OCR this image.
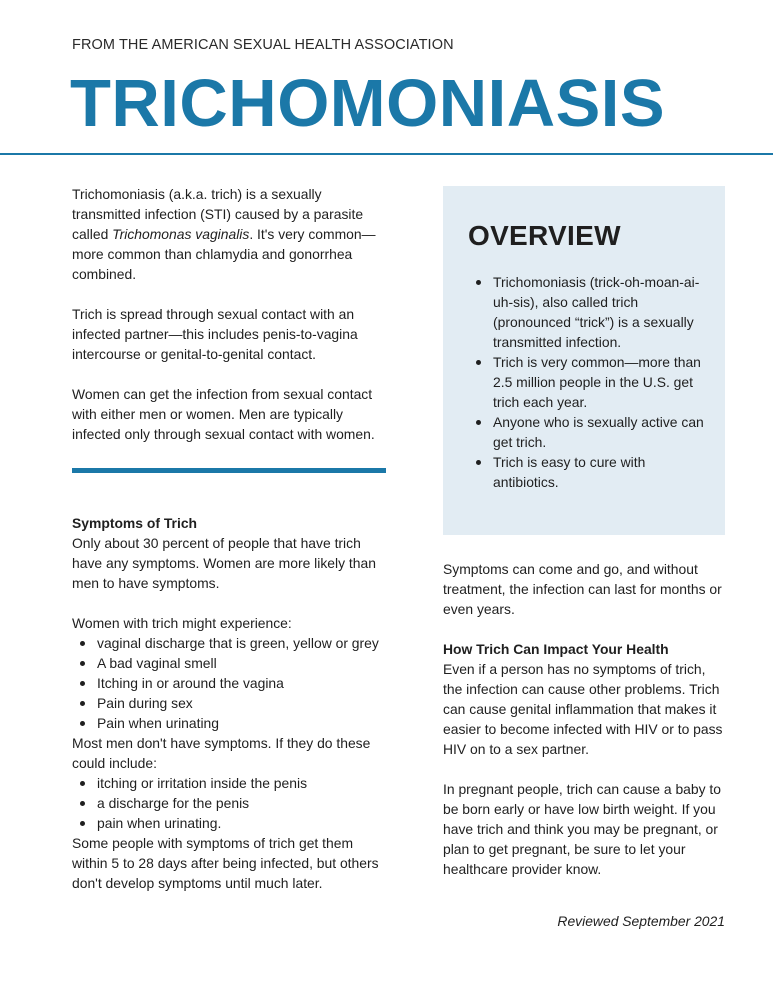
FROM THE AMERICAN SEXUAL HEALTH ASSOCIATION
TRICHOMONIASIS

Trichomoniasis (a.k.a. trich) is a sexually transmitted infection (STI) caused by a parasite called Trichomonas vaginalis. It's very common—more common than chlamydia and gonorrhea combined.

Trich is spread through sexual contact with an infected partner—this includes penis-to-vagina intercourse or genital-to-genital contact.

Women can get the infection from sexual contact with either men or women. Men are typically infected only through sexual contact with women.

Symptoms of Trich

Only about 30 percent of people that have trich have any symptoms. Women are more likely than men to have symptoms.

Women with trich might experience:

vaginal discharge that is green, yellow or grey
A bad vaginal smell
Itching in or around the vagina
Pain during sex
Pain when urinating

Most men don't have symptoms. If they do these could include:

itching or irritation inside the penis
a discharge for the penis
pain when urinating.

Some people with symptoms of trich get them within 5 to 28 days after being infected, but others don't develop symptoms until much later.

OVERVIEW
Trichomoniasis (trick-oh-moan-ai-uh-sis), also called trich (pronounced “trick”) is a sexually transmitted infection.
Trich is very common—more than 2.5 million people in the U.S. get trich each year.
Anyone who is sexually active can get trich.
Trich is easy to cure with antibiotics.

Symptoms can come and go, and without treatment, the infection can last for months or even years.

How Trich Can Impact Your Health

Even if a person has no symptoms of trich, the infection can cause other problems. Trich can cause genital inflammation that makes it easier to become infected with HIV or to pass HIV on to a sex partner.

In pregnant people, trich can cause a baby to be born early or have low birth weight. If you have trich and think you may be pregnant, or plan to get pregnant, be sure to let your healthcare provider know.

Reviewed September 2021
